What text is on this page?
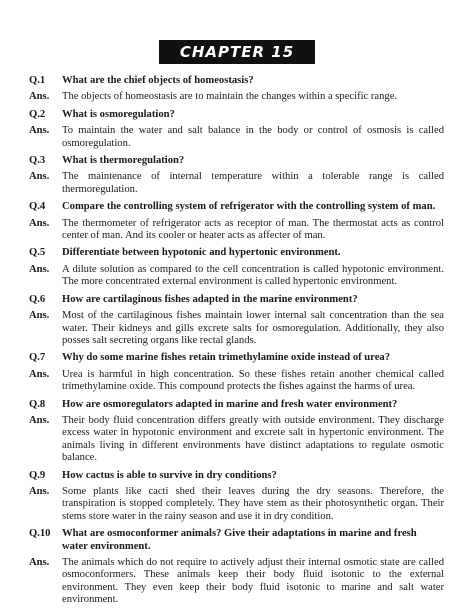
CHAPTER 15
Q.1	What are the chief objects of homeostasis?
Ans.	The objects of homeostasis are to maintain the changes within a specific range.
Q.2	What is osmoregulation?
Ans.	To maintain the water and salt balance in the body or control of osmosis is called osmoregulation.
Q.3	What is thermoregulation?
Ans.	The maintenance of internal temperature within a tolerable range is called thermoregulation.
Q.4	Compare the controlling system of refrigerator with the controlling system of man.
Ans.	The thermometer of refrigerator acts as receptor of man. The thermostat acts as control center of man. And its cooler or heater acts as affecter of man.
Q.5	Differentiate between hypotonic and hypertonic environment.
Ans.	A dilute solution as compared to the cell concentration is called hypotonic environment. The more concentrated external environment is called hypertonic environment.
Q.6	How are cartilaginous fishes adapted in the marine environment?
Ans.	Most of the cartilaginous fishes maintain lower internal salt concentration than the sea water. Their kidneys and gills excrete salts for osmoregulation. Additionally, they also posses salt secreting organs like rectal glands.
Q.7	Why do some marine fishes retain trimethylamine oxide instead of urea?
Ans.	Urea is harmful in high concentration. So these fishes retain another chemical called trimethylamine oxide. This compound protects the fishes against the harms of urea.
Q.8	How are osmoregulators adapted in marine and fresh water environment?
Ans.	Their body fluid concentration differs greatly with outside environment. They discharge excess water in hypotonic environment and excrete salt in hypertonic environment. The animals living in different environments have distinct adaptations to regulate osmotic balance.
Q.9	How cactus is able to survive in dry conditions?
Ans.	Some plants like cacti shed their leaves during the dry seasons. Therefore, the transpiration is stopped completely. They have stem as their photosynthetic organ. Their stems store water in the rainy season and use it in dry condition.
Q.10	What are osmoconformer animals? Give their adaptations in marine and fresh water environment.
Ans.	The animals which do not require to actively adjust their internal osmotic state are called osmoconformers. These animals keep their body fluid isotonic to the external environment. They even keep their body fluid isotonic to marine and salt water environment.
